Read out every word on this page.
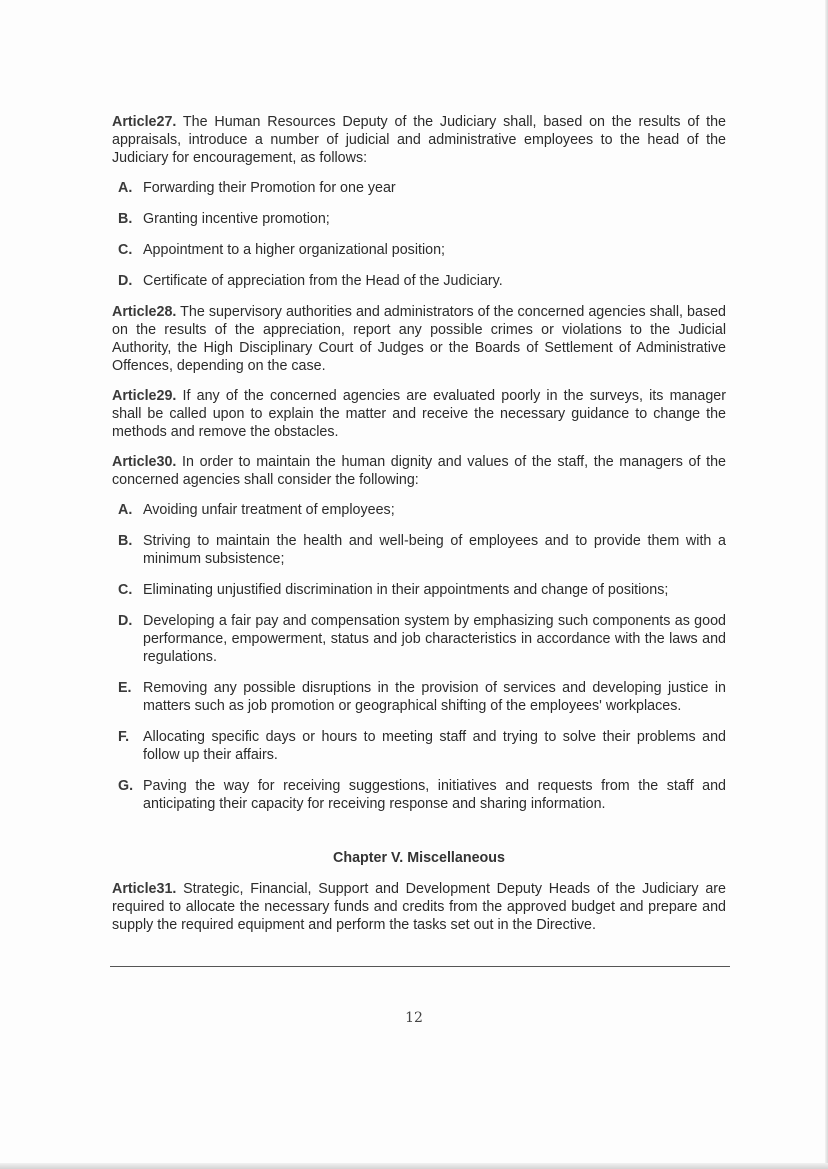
Article27. The Human Resources Deputy of the Judiciary shall, based on the results of the appraisals, introduce a number of judicial and administrative employees to the head of the Judiciary for encouragement, as follows:

A. Forwarding their Promotion for one year
B. Granting incentive promotion;
C. Appointment to a higher organizational position;
D. Certificate of appreciation from the Head of the Judiciary.

Article28. The supervisory authorities and administrators of the concerned agencies shall, based on the results of the appreciation, report any possible crimes or violations to the Judicial Authority, the High Disciplinary Court of Judges or the Boards of Settlement of Administrative Offences, depending on the case.

Article29. If any of the concerned agencies are evaluated poorly in the surveys, its manager shall be called upon to explain the matter and receive the necessary guidance to change the methods and remove the obstacles.

Article30. In order to maintain the human dignity and values of the staff, the managers of the concerned agencies shall consider the following:

A. Avoiding unfair treatment of employees;
B. Striving to maintain the health and well-being of employees and to provide them with a minimum subsistence;
C. Eliminating unjustified discrimination in their appointments and change of positions;
D. Developing a fair pay and compensation system by emphasizing such components as good performance, empowerment, status and job characteristics in accordance with the laws and regulations.
E. Removing any possible disruptions in the provision of services and developing justice in matters such as job promotion or geographical shifting of the employees' workplaces.
F. Allocating specific days or hours to meeting staff and trying to solve their problems and follow up their affairs.
G. Paving the way for receiving suggestions, initiatives and requests from the staff and anticipating their capacity for receiving response and sharing information.
Chapter V. Miscellaneous

Article31. Strategic, Financial, Support and Development Deputy Heads of the Judiciary are required to allocate the necessary funds and credits from the approved budget and prepare and supply the required equipment and perform the tasks set out in the Directive.

12
